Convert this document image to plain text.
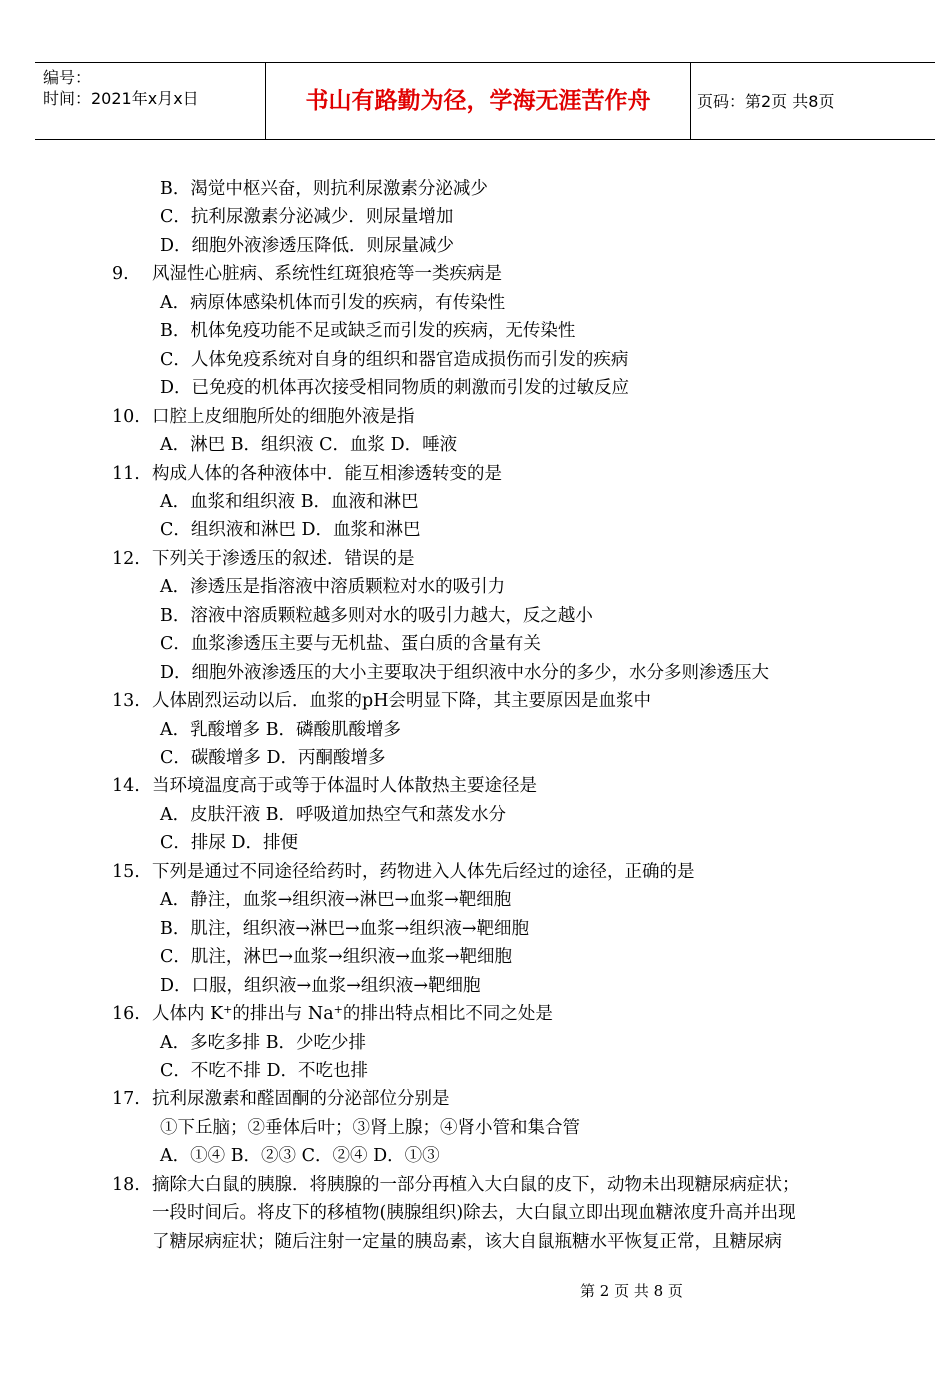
编号：
时间：2021年x月x日	书山有路勤为径，学海无涯苦作舟	页码：第2页 共8页
B．渴觉中枢兴奋，则抗利尿激素分泌减少
C．抗利尿激素分泌减少．则尿量增加
D．细胞外液渗透压降低．则尿量减少
9.	风湿性心脏病、系统性红斑狼疮等一类疾病是
A．病原体感染机体而引发的疾病，有传染性
B．机体免疫功能不足或缺乏而引发的疾病，无传染性
C．人体免疫系统对自身的组织和器官造成损伤而引发的疾病
D．已免疫的机体再次接受相同物质的刺激而引发的过敏反应
10. 口腔上皮细胞所处的细胞外液是指
A．淋巴 B．组织液 C．血浆 D．唾液
11. 构成人体的各种液体中．能互相渗透转变的是
A．血浆和组织液 B．血液和淋巴
C．组织液和淋巴 D．血浆和淋巴
12. 下列关于渗透压的叙述．错误的是
A．渗透压是指溶液中溶质颗粒对水的吸引力
B．溶液中溶质颗粒越多则对水的吸引力越大，反之越小
C．血浆渗透压主要与无机盐、蛋白质的含量有关
D．细胞外液渗透压的大小主要取决于组织液中水分的多少，水分多则渗透压大
13. 人体剧烈运动以后．血浆的pH会明显下降，其主要原因是血浆中
A．乳酸增多 B．磷酸肌酸增多
C．碳酸增多 D．丙酮酸增多
14. 当环境温度高于或等于体温时人体散热主要途径是
A．皮肤汗液 B．呼吸道加热空气和蒸发水分
C．排尿 D．排便
15. 下列是通过不同途径给药时，药物进入人体先后经过的途径，正确的是
A．静注，血浆→组织液→淋巴→血浆→靶细胞
B．肌注，组织液→淋巴→血浆→组织液→靶细胞
C．肌注，淋巴→血浆→组织液→血浆→靶细胞
D．口服，组织液→血浆→组织液→靶细胞
16. 人体内 K+的排出与 Na+的排出特点相比不同之处是
A．多吃多排 B．少吃少排
C．不吃不排 D．不吃也排
17. 抗利尿激素和醛固酮的分泌部位分别是
①下丘脑；②垂体后叶；③肾上腺；④肾小管和集合管
A．①④ B．②③ C．②④ D．①③
18. 摘除大白鼠的胰腺．将胰腺的一部分再植入大白鼠的皮下，动物未出现糖尿病症状；
一段时间后。将皮下的移植物(胰腺组织)除去，大白鼠立即出现血糖浓度升高并出现
了糖尿病症状；随后注射一定量的胰岛素，该大自鼠瓶糖水平恢复正常，且糖尿病
第 2 页 共 8 页
